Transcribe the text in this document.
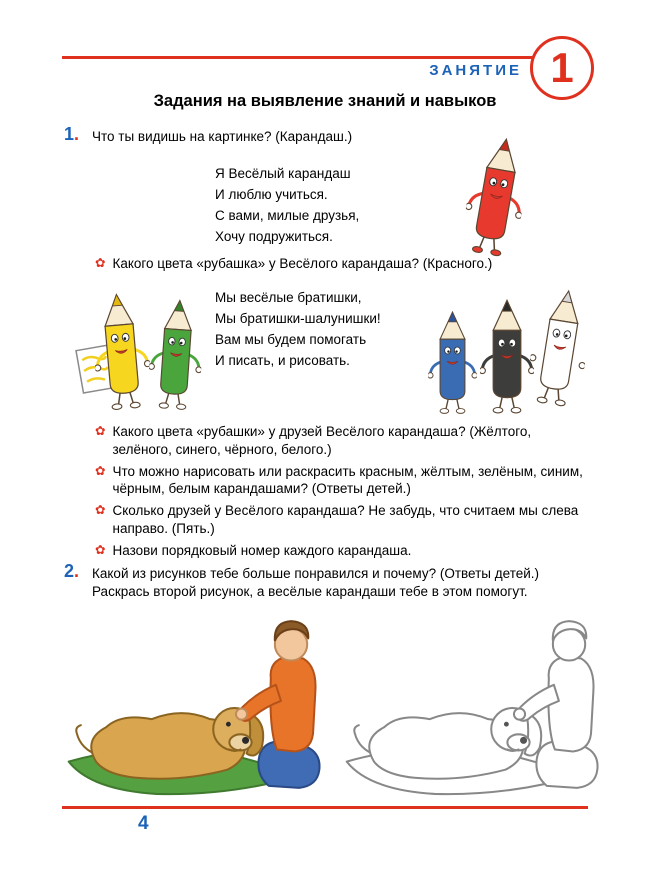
ЗАНЯТИЕ 1
Задания на выявление знаний и навыков
1. Что ты видишь на картинке? (Карандаш.)
Я Весёлый карандаш
И люблю учиться.
С вами, милые друзья,
Хочу подружиться.
✿ Какого цвета «рубашка» у Весёлого карандаша? (Красного.)
Мы весёлые братишки,
Мы братишки-шалунишки!
Вам мы будем помогать
И писать, и рисовать.
✿ Какого цвета «рубашки» у друзей Весёлого карандаша? (Жёлтого, зелёного, синего, чёрного, белого.)
✿ Что можно нарисовать или раскрасить красным, жёлтым, зелёным, синим, чёрным, белым карандашами? (Ответы детей.)
✿ Сколько друзей у Весёлого карандаша? Не забудь, что считаем мы слева направо. (Пять.)
✿ Назови порядковый номер каждого карандаша.
2. Какой из рисунков тебе больше понравился и почему? (Ответы детей.) Раскрась второй рисунок, а весёлые карандаши тебе в этом помогут.
4
